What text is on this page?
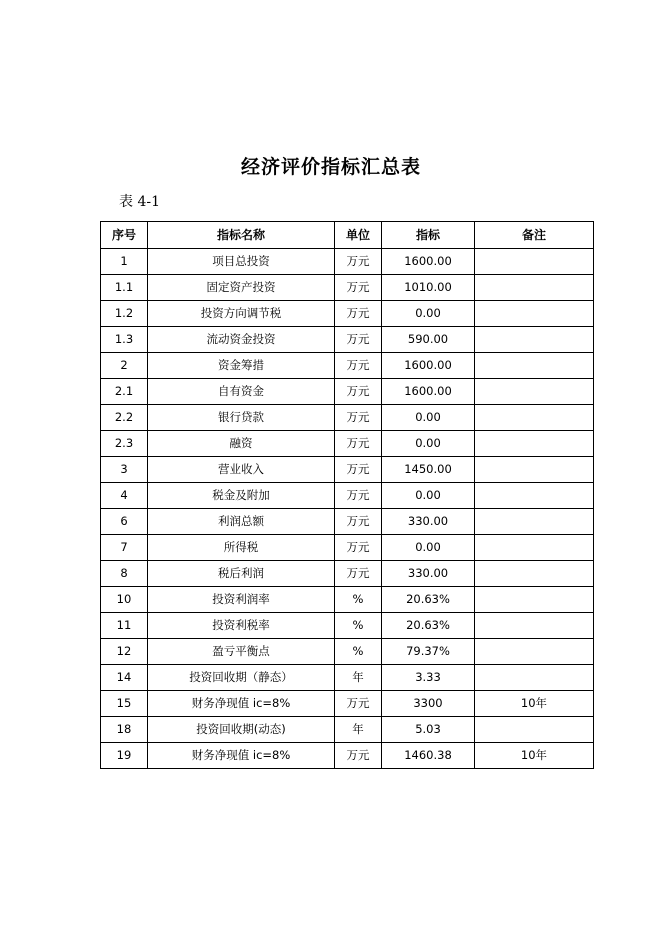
经济评价指标汇总表
表 4-1
序号	指标名称	单位	指标	备注
1	项目总投资	万元	1600.00	
1.1	固定资产投资	万元	1010.00	
1.2	投资方向调节税	万元	0.00	
1.3	流动资金投资	万元	590.00	
2	资金筹措	万元	1600.00	
2.1	自有资金	万元	1600.00	
2.2	银行贷款	万元	0.00	
2.3	融资	万元	0.00	
3	营业收入	万元	1450.00	
4	税金及附加	万元	0.00	
6	利润总额	万元	330.00	
7	所得税	万元	0.00	
8	税后利润	万元	330.00	
10	投资利润率	%	20.63%	
11	投资利税率	%	20.63%	
12	盈亏平衡点	%	79.37%	
14	投资回收期（静态）	年	3.33	
15	财务净现值 ic=8%	万元	3300	10年
18	投资回收期(动态)	年	5.03	
19	财务净现值 ic=8%	万元	1460.38	10年
